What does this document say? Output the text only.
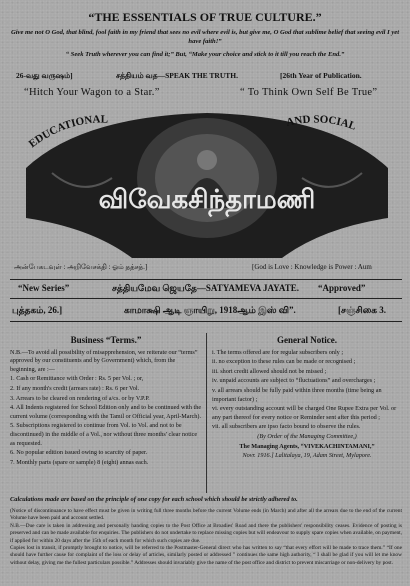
“THE ESSENTIALS OF TRUE CULTURE.”
Give me not O God, that blind, fool faith in my friend that sees no evil where evil is, but give me, O God that sublime belief that seeing evil I yet have faith!”
“ Seek Truth wherever you can find it;” But, “Make your choice and stick to it till you reach the End.”
26-வது வருஷம்]	சத்தியம் வத—SPEAK THE TRUTH.	[26th Year of Publication.
“Hitch Your Wagon to a Star.”	“ To Think Own Self Be True”
EDUCATIONAL	AND SOCIAL
விவேகசிந்தாமணி
அன்பேகடவுள் : அறிவேசக்தி : ஓம் தத்சத்.]	[God is Love : Knowledge is Power : Aum
“New Series”	சத்தியமேவ ஜெயதே—SATYAMEVA JAYATE. “Approved”
புத்தகம், 26.]	காமாக்ஷி ஆடி ஞாயிறு, 1918ஆம் இஸ் வி”.	[சஞ்சிகை 3.
Business “Terms.”

N.B.—To avoid all possibility of misapprehension, we reiterate our “terms” approved by our constituents and by Government) which, from the beginning, are :—

1. Cash or Remittance with Order : Rs. 5 per Vol. ; or,

2. If any month's credit (arrears rate) : Rs. 6 per Vol.

3. Arrears to be cleared on rendering of a/cs. or by V.P.P.

4. All Indents registered for School Edition only and to be continued with the current volume (corresponding with the Tamil or Official year, April-March).

5. Subscriptions registered to continue from Vol. to Vol. and not to be discontinued) in the middle of a Vol., nor without three months' clear notice as requested.

6. No popular edition issued owing to scarcity of paper.

7. Monthly parts (spare or sample) 8 (eight) annas each.

General Notice.

i. The terms offered are for regular subscribers only ;

ii. no exception to these rules can be made or recognised ;

iii. short credit allowed should not be missed ;

iv. unpaid accounts are subject to “fluctuations” and overcharges ;

v. all arrears should be fully paid within three months (time being an important factor) ;

vi. every outstanding account will be charged One Rupee Extra per Vol. or any part thereof for every notice or Reminder sent after this period ;

vii. all subscribers are ipso facto bound to observe the rules.

(By Order of the Managing Committee,)

The Managing Agents, “VIVEKACHINTAMANI,”

Novr. 1916.] Lalitalaya, 19, Adam Street, Mylapore.

Calculations made are based on the principle of one copy for each school which should be strictly adhered to.
(Notice of discontinuance to have effect must be given in writing full three months before the current Volume ends (in March) and after all the arrears due to the end of the current Volume have been paid and account settled.
N.B.—Due care is taken in addressing and personally handing copies to the Post Office at Broadies' Road and there the publishers' responsibility ceases. Evidence of posting is preserved and can be made available for enquiries. The publishers do not undertake to replace missing copies but will endeavour to supply spare copies when available, on payment, if applied for within 20 days after the 15th of each month for which such copies are due.
Copies lost in transit, if promptly brought to notice, will be referred to the Postmaster-General direct who has written to say “that every effort will be made to trace them.” “If one should have further cause for complaint of the loss or delay of articles, similarly posted or addressed ” continues the same high authority, “ I shall be glad if you will let me know without delay, giving me the fullest particulars possible.” Addresses should invariably give the name of the post office and district to prevent miscarriage or non-delivery by post.
